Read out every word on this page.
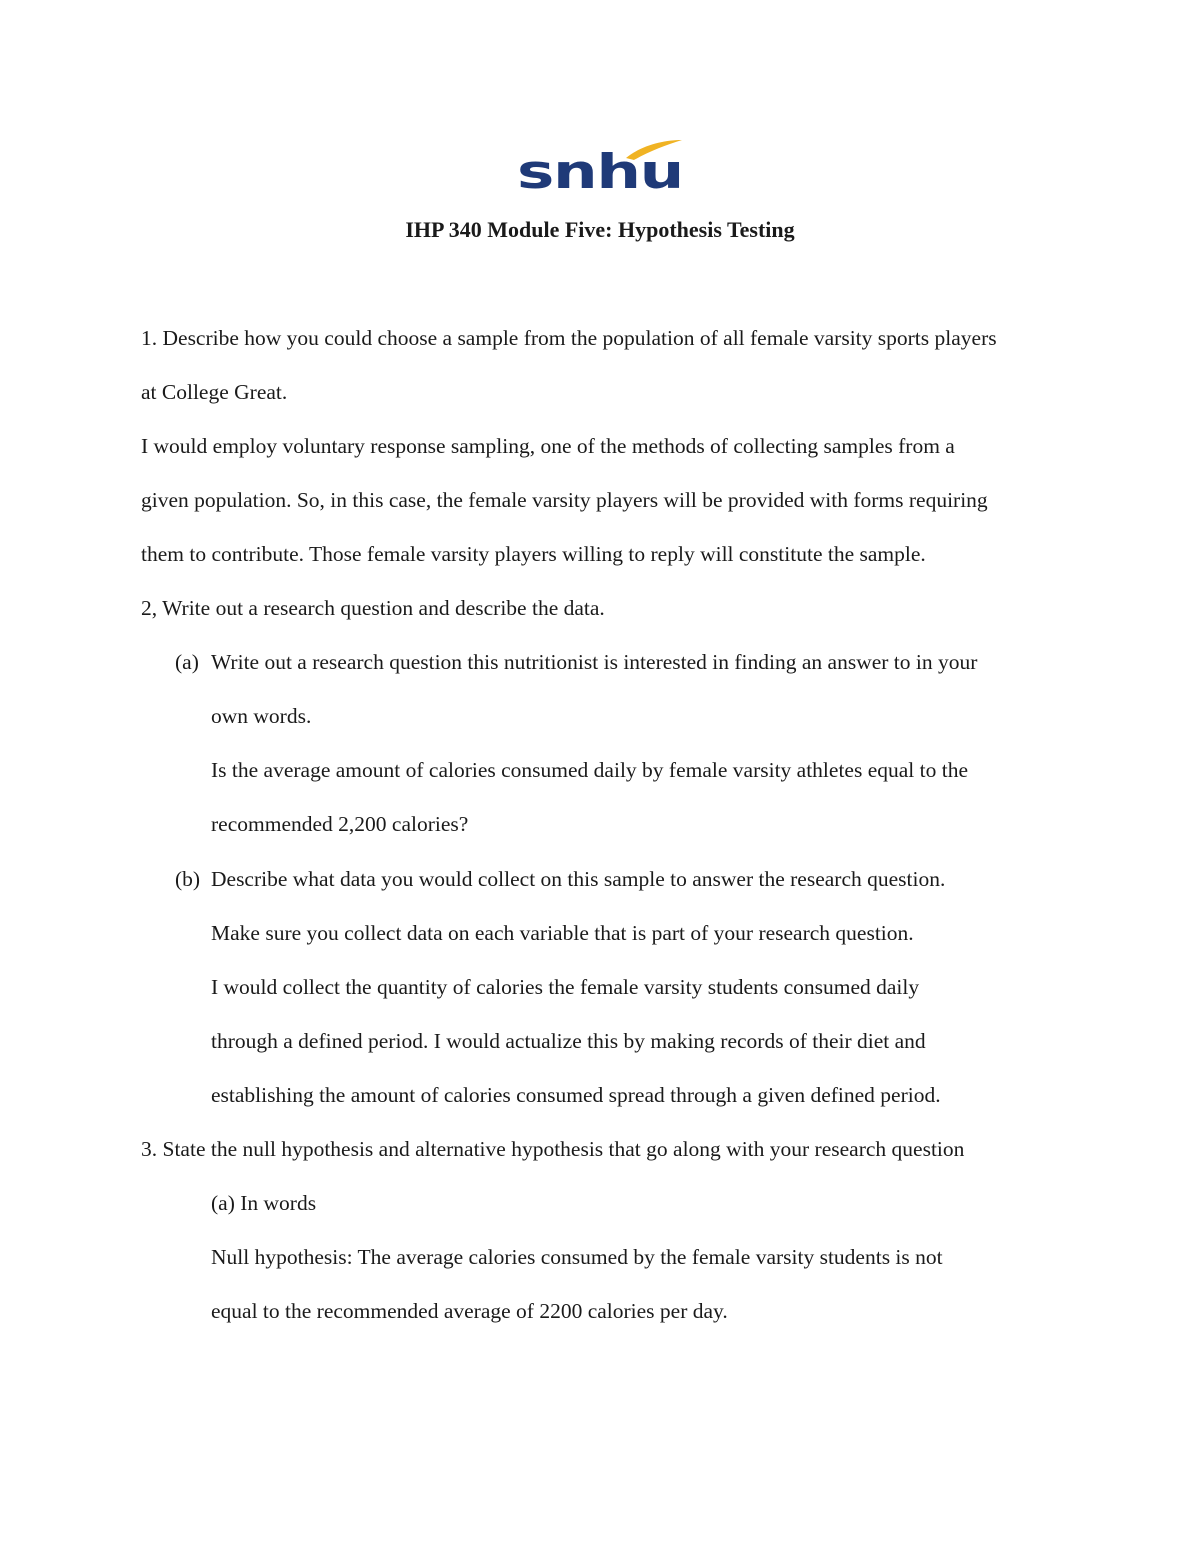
snhu
IHP 340 Module Five: Hypothesis Testing
1. Describe how you could choose a sample from the population of all female varsity sports players
at College Great.
I would employ voluntary response sampling, one of the methods of collecting samples from a
given population. So, in this case, the female varsity players will be provided with forms requiring
them to contribute. Those female varsity players willing to reply will constitute the sample.
2, Write out a research question and describe the data.
(a) Write out a research question this nutritionist is interested in finding an answer to in your
own words.
Is the average amount of calories consumed daily by female varsity athletes equal to the
recommended 2,200 calories?
(b) Describe what data you would collect on this sample to answer the research question.
Make sure you collect data on each variable that is part of your research question.
I would collect the quantity of calories the female varsity students consumed daily
through a defined period. I would actualize this by making records of their diet and
establishing the amount of calories consumed spread through a given defined period.
3. State the null hypothesis and alternative hypothesis that go along with your research question
(a) In words
Null hypothesis: The average calories consumed by the female varsity students is not
equal to the recommended average of 2200 calories per day.
